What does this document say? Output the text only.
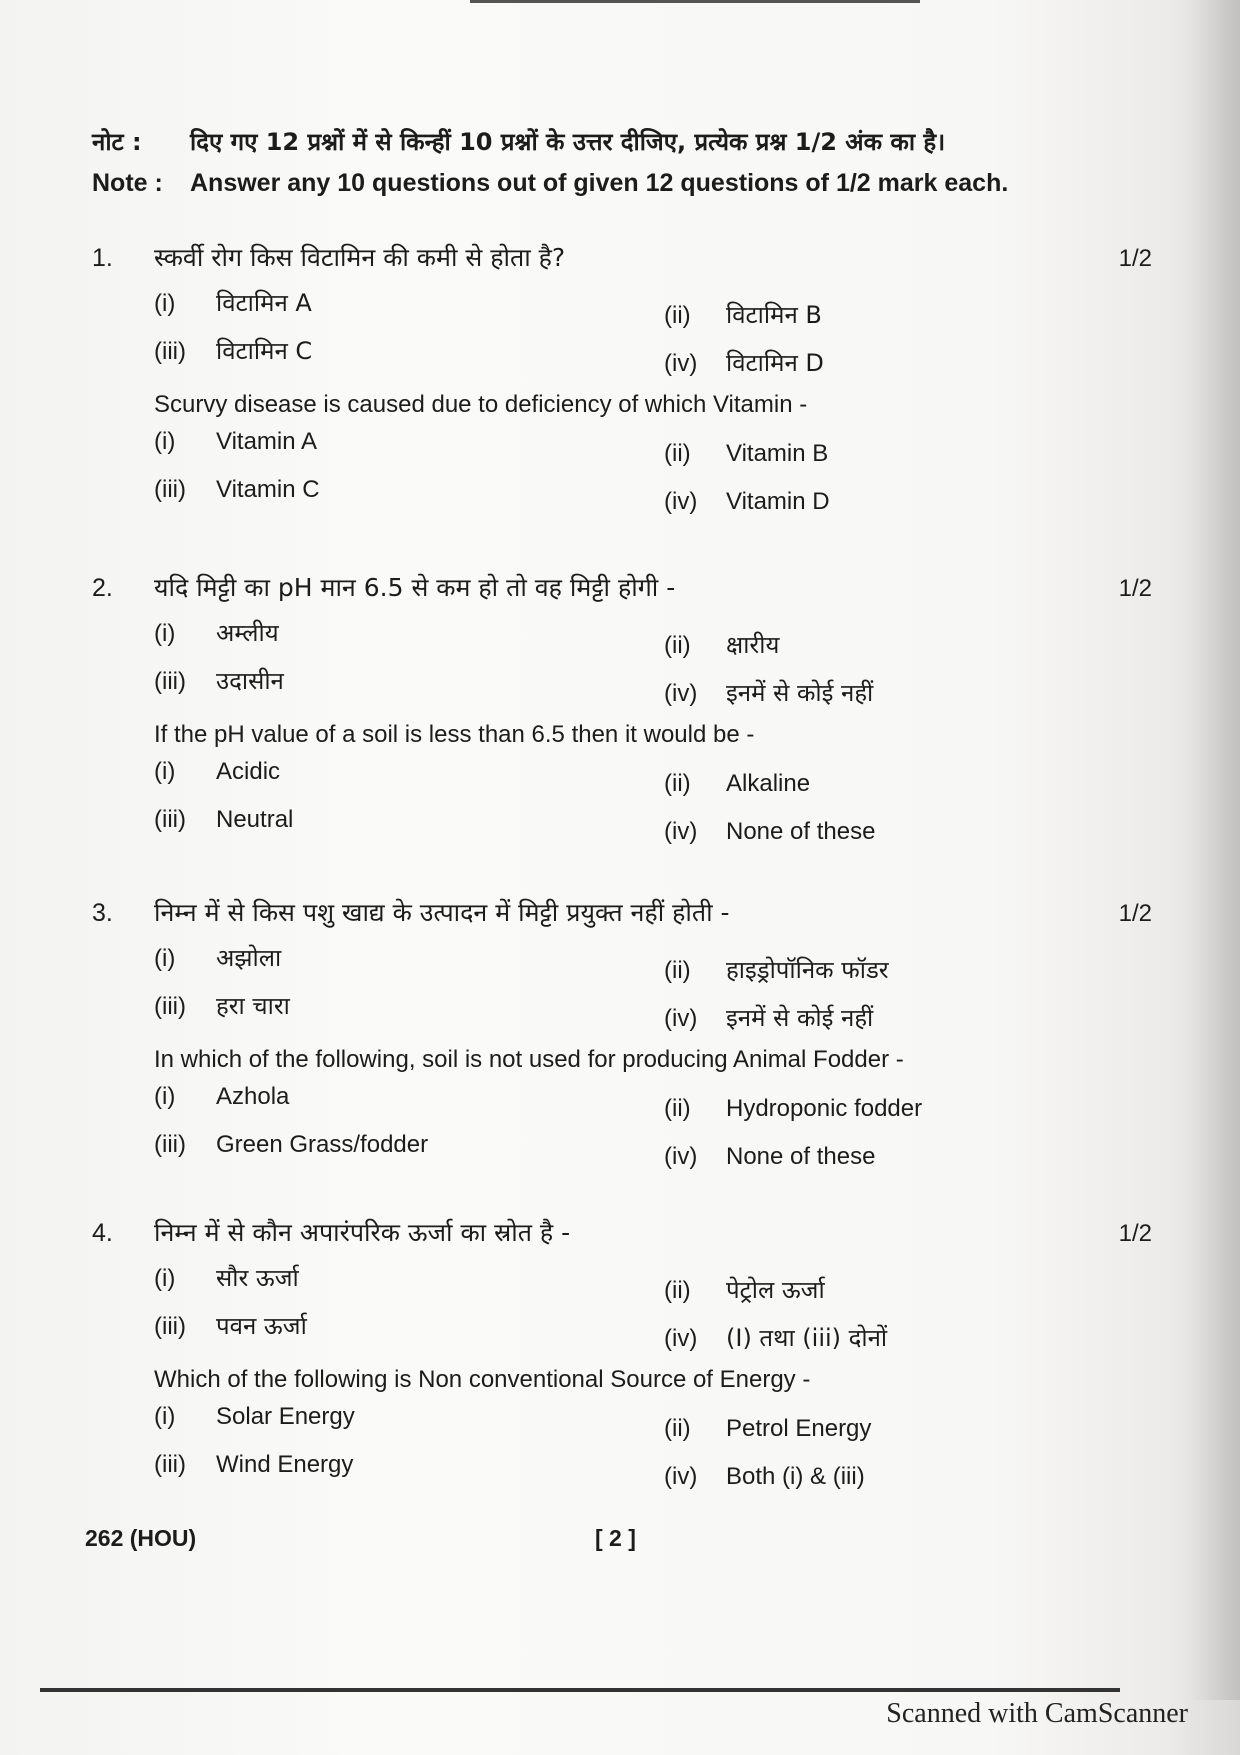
नोट :	दिए गए 12 प्रश्नों में से किन्हीं 10 प्रश्नों के उत्तर दीजिए, प्रत्येक प्रश्न 1/2 अंक का है।
Note :	Answer any 10 questions out of given 12 questions of 1/2 mark each.
1.	स्कर्वी रोग किस विटामिन की कमी से होता है?	1/2
(i)	विटामिन A	(ii)	विटामिन B
(iii)	विटामिन C	(iv)	विटामिन D
Scurvy disease is caused due to deficiency of which Vitamin -
(i)	Vitamin A	(ii)	Vitamin B
(iii)	Vitamin C	(iv)	Vitamin D
2.	यदि मिट्टी का pH मान 6.5 से कम हो तो वह मिट्टी होगी -	1/2
(i)	अम्लीय	(ii)	क्षारीय
(iii)	उदासीन	(iv)	इनमें से कोई नहीं
If the pH value of a soil is less than 6.5 then it would be -
(i)	Acidic	(ii)	Alkaline
(iii)	Neutral	(iv)	None of these
3.	निम्न में से किस पशु खाद्य के उत्पादन में मिट्टी प्रयुक्त नहीं होती -	1/2
(i)	अझोला	(ii)	हाइड्रोपॉनिक फॉडर
(iii)	हरा चारा	(iv)	इनमें से कोई नहीं
In which of the following, soil is not used for producing Animal Fodder -
(i)	Azhola	(ii)	Hydroponic fodder
(iii)	Green Grass/fodder	(iv)	None of these
4.	निम्न में से कौन अपारंपरिक ऊर्जा का स्रोत है -	1/2
(i)	सौर ऊर्जा	(ii)	पेट्रोल ऊर्जा
(iii)	पवन ऊर्जा	(iv)	(I) तथा (iii) दोनों
Which of the following is Non conventional Source of Energy -
(i)	Solar Energy	(ii)	Petrol Energy
(iii)	Wind Energy	(iv)	Both (i) & (iii)
262 (HOU)	[ 2 ]
Scanned with CamScanner
